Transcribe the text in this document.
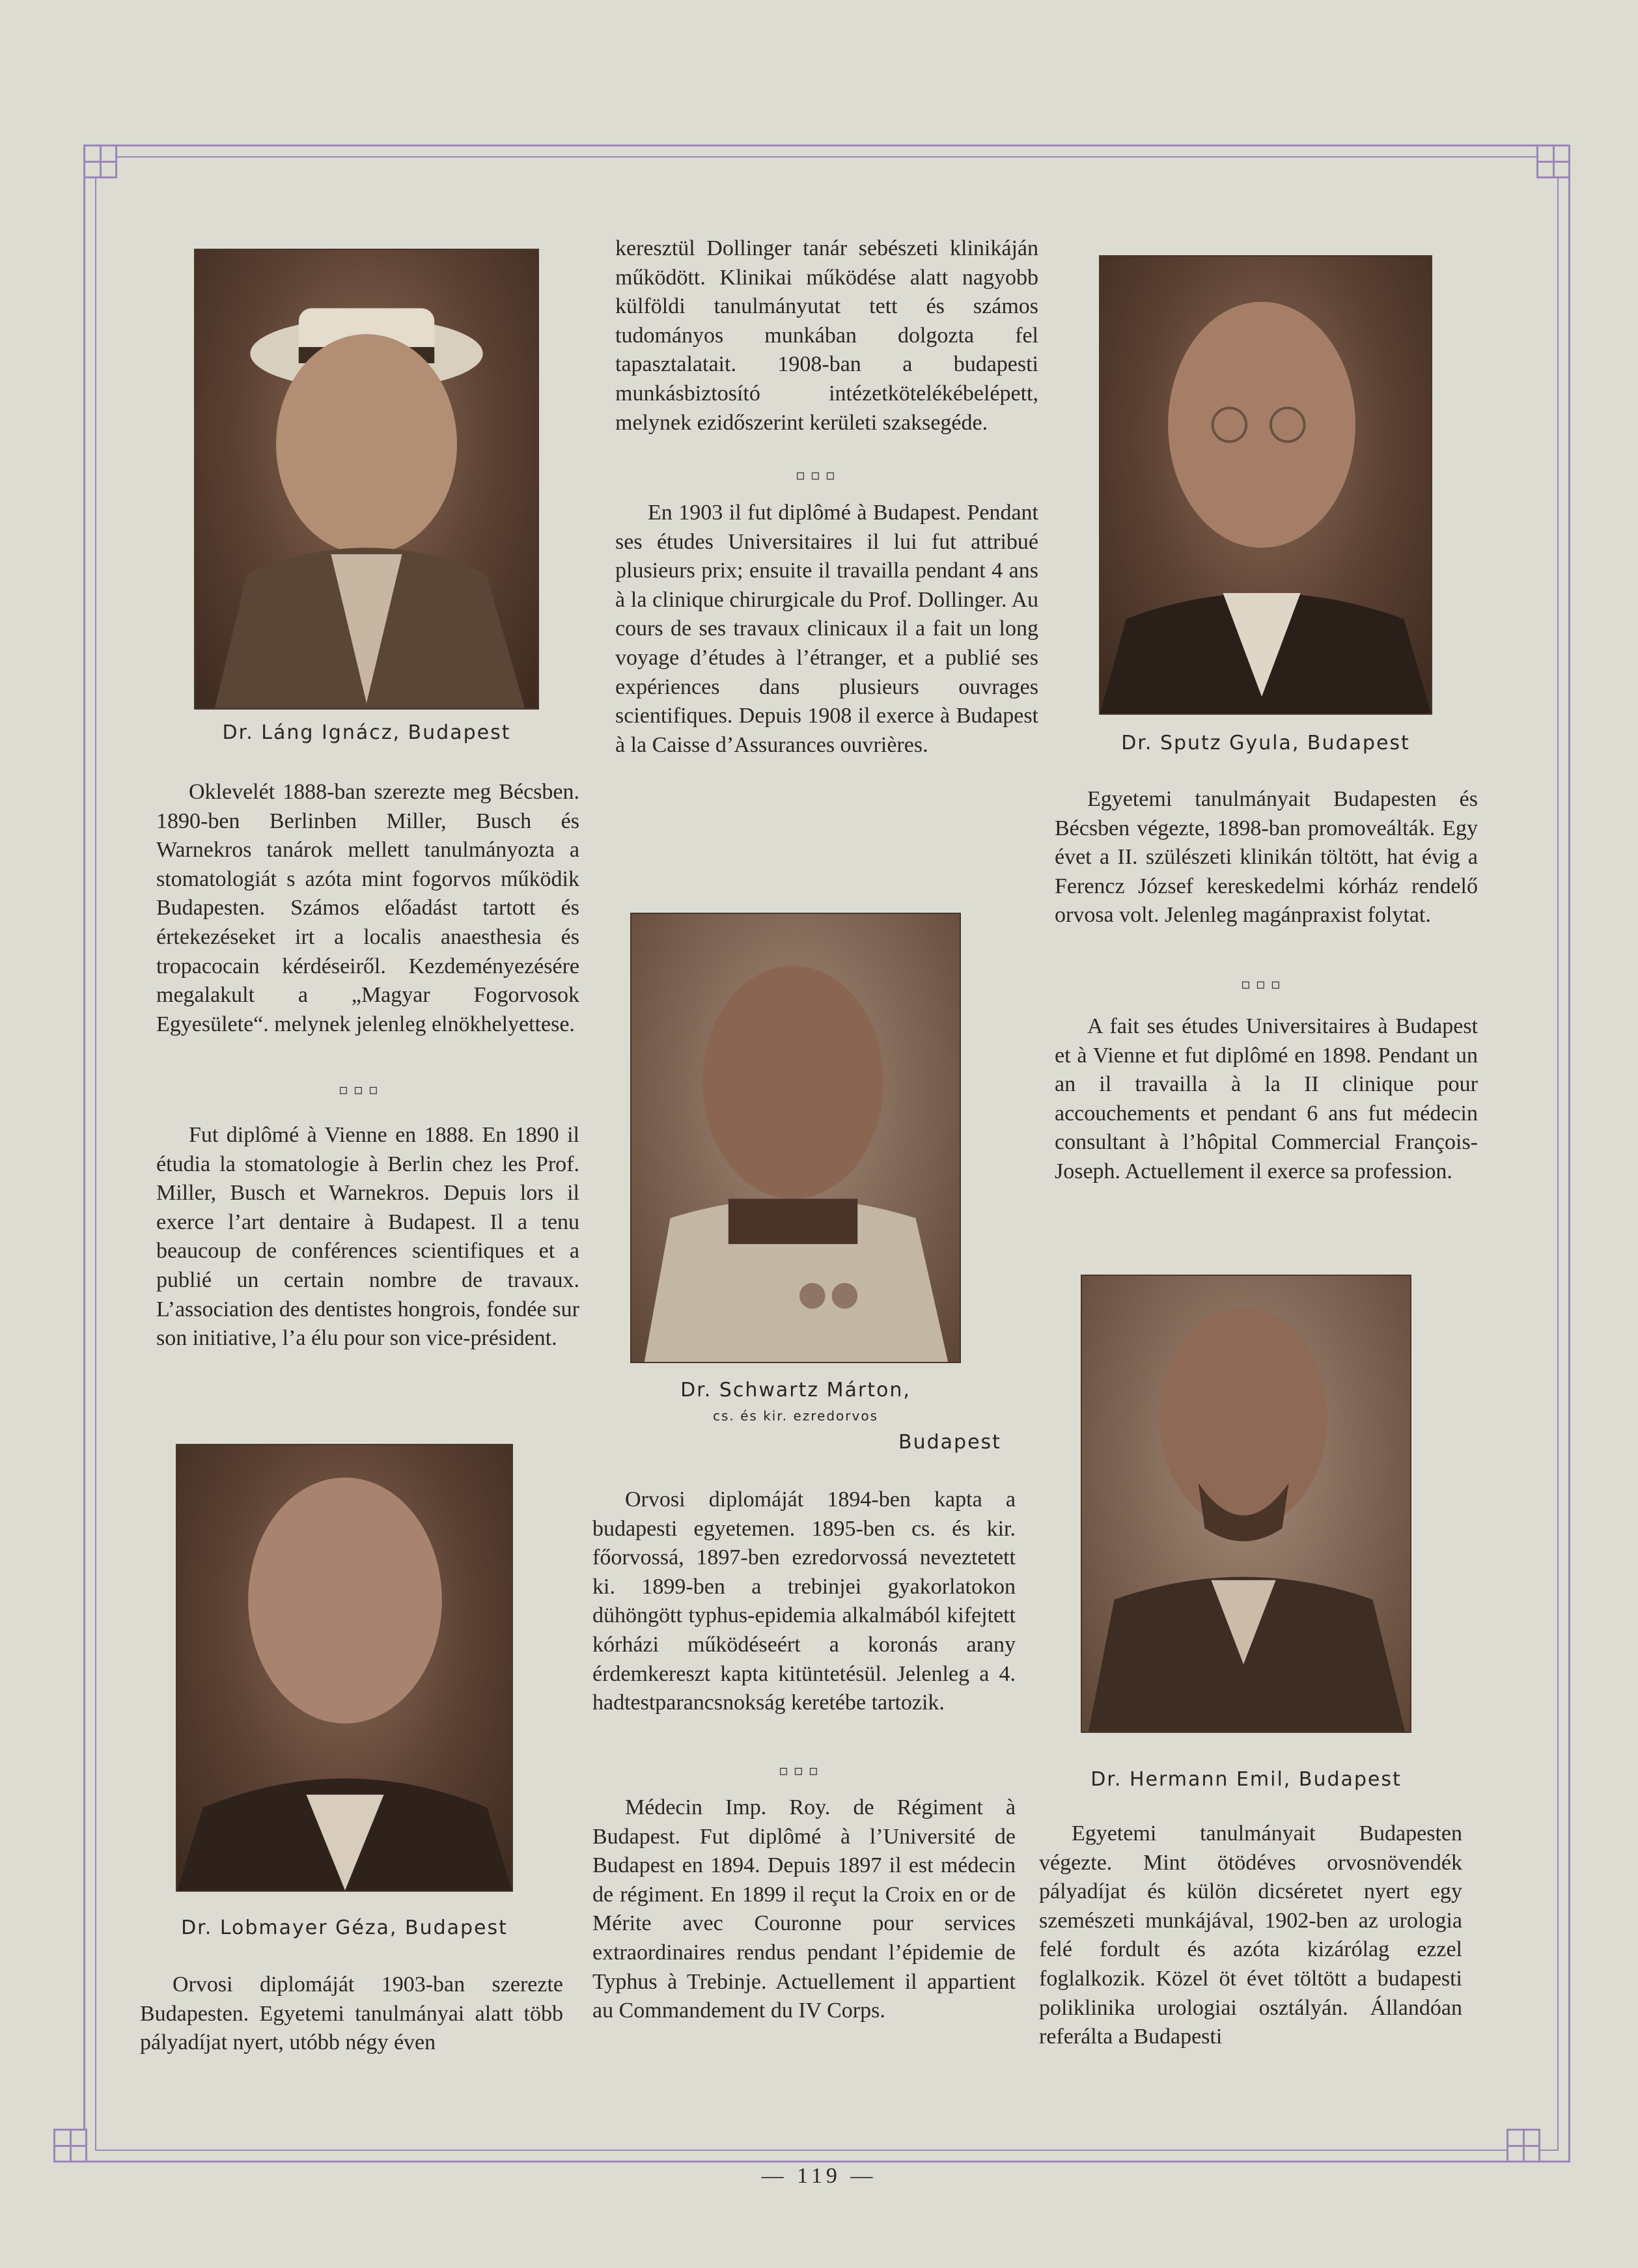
Dr. Láng Ignácz, Budapest

Oklevelét 1888-ban szerezte meg Bécsben. 1890-ben Berlinben Miller, Busch és Warnekros tanárok mellett tanulmányozta a stomatologiát s azóta mint fogorvos működik Budapesten. Számos előadást tartott és értekezéseket irt a localis anaesthesia és tropacocain kérdéseiről. Kezdeményezésére megalakult a „Magyar Fogorvosok Egyesülete“. melynek jelenleg elnökhelyettese.

▫▫▫

Fut diplômé à Vienne en 1888. En 1890 il étudia la stomatologie à Berlin chez les Prof. Miller, Busch et Warnekros. Depuis lors il exerce l’art dentaire à Budapest. Il a tenu beaucoup de conférences scientifiques et a publié un certain nombre de travaux. L’association des dentistes hongrois, fondée sur son initiative, l’a élu pour son vice-président.

Dr. Lobmayer Géza, Budapest

Orvosi diplomáját 1903-ban szerezte Budapesten. Egyetemi tanulmányai alatt több pályadíjat nyert, utóbb négy éven

keresztül Dollinger tanár sebészeti klinikáján működött. Klinikai működése alatt nagyobb külföldi tanulmányutat tett és számos tudományos munkában dolgozta fel tapasztalatait. 1908-ban a budapesti munkásbiztosító intézetkötelékébelépett, melynek ezidőszerint kerületi szaksegéde.

▫▫▫

En 1903 il fut diplômé à Budapest. Pendant ses études Universitaires il lui fut attribué plusieurs prix; ensuite il travailla pendant 4 ans à la clinique chirurgicale du Prof. Dollinger. Au cours de ses travaux clinicaux il a fait un long voyage d’études à l’étranger, et a publié ses expériences dans plusieurs ouvrages scientifiques. Depuis 1908 il exerce à Budapest à la Caisse d’Assurances ouvrières.

Dr. Schwartz Márton,
cs. és kir. ezredorvos
Budapest

Orvosi diplomáját 1894-ben kapta a budapesti egyetemen. 1895-ben cs. és kir. főorvossá, 1897-ben ezredorvossá neveztetett ki. 1899-ben a trebinjei gyakorlatokon dühöngött typhus-epidemia alkalmából kifejtett kórházi működéseért a koronás arany érdemkereszt kapta kitüntetésül. Jelenleg a 4. hadtestparancsnokság keretébe tartozik.

▫▫▫

Médecin Imp. Roy. de Régiment à Budapest. Fut diplômé à l’Université de Budapest en 1894. Depuis 1897 il est médecin de régiment. En 1899 il reçut la Croix en or de Mérite avec Couronne pour services extraordinaires rendus pendant l’épidemie de Typhus à Trebinje. Actuellement il appartient au Commandement du IV Corps.

Dr. Sputz Gyula, Budapest

Egyetemi tanulmányait Budapesten és Bécsben végezte, 1898-ban promoveálták. Egy évet a II. szülészeti klinikán töltött, hat évig a Ferencz József kereskedelmi kórház rendelő orvosa volt. Jelenleg magánpraxist folytat.

▫▫▫

A fait ses études Universitaires à Budapest et à Vienne et fut diplômé en 1898. Pendant un an il travailla à la II clinique pour accouchements et pendant 6 ans fut médecin consultant à l’hôpital Commercial François-Joseph. Actuellement il exerce sa profession.

Dr. Hermann Emil, Budapest

Egyetemi tanulmányait Budapesten végezte. Mint ötödéves orvosnövendék pályadíjat és külön dicséretet nyert egy szemészeti munkájával, 1902-ben az urologia felé fordult és azóta kizárólag ezzel foglalkozik. Közel öt évet töltött a budapesti poliklinika urologiai osztályán. Állandóan referálta a Budapesti

— 119 —
